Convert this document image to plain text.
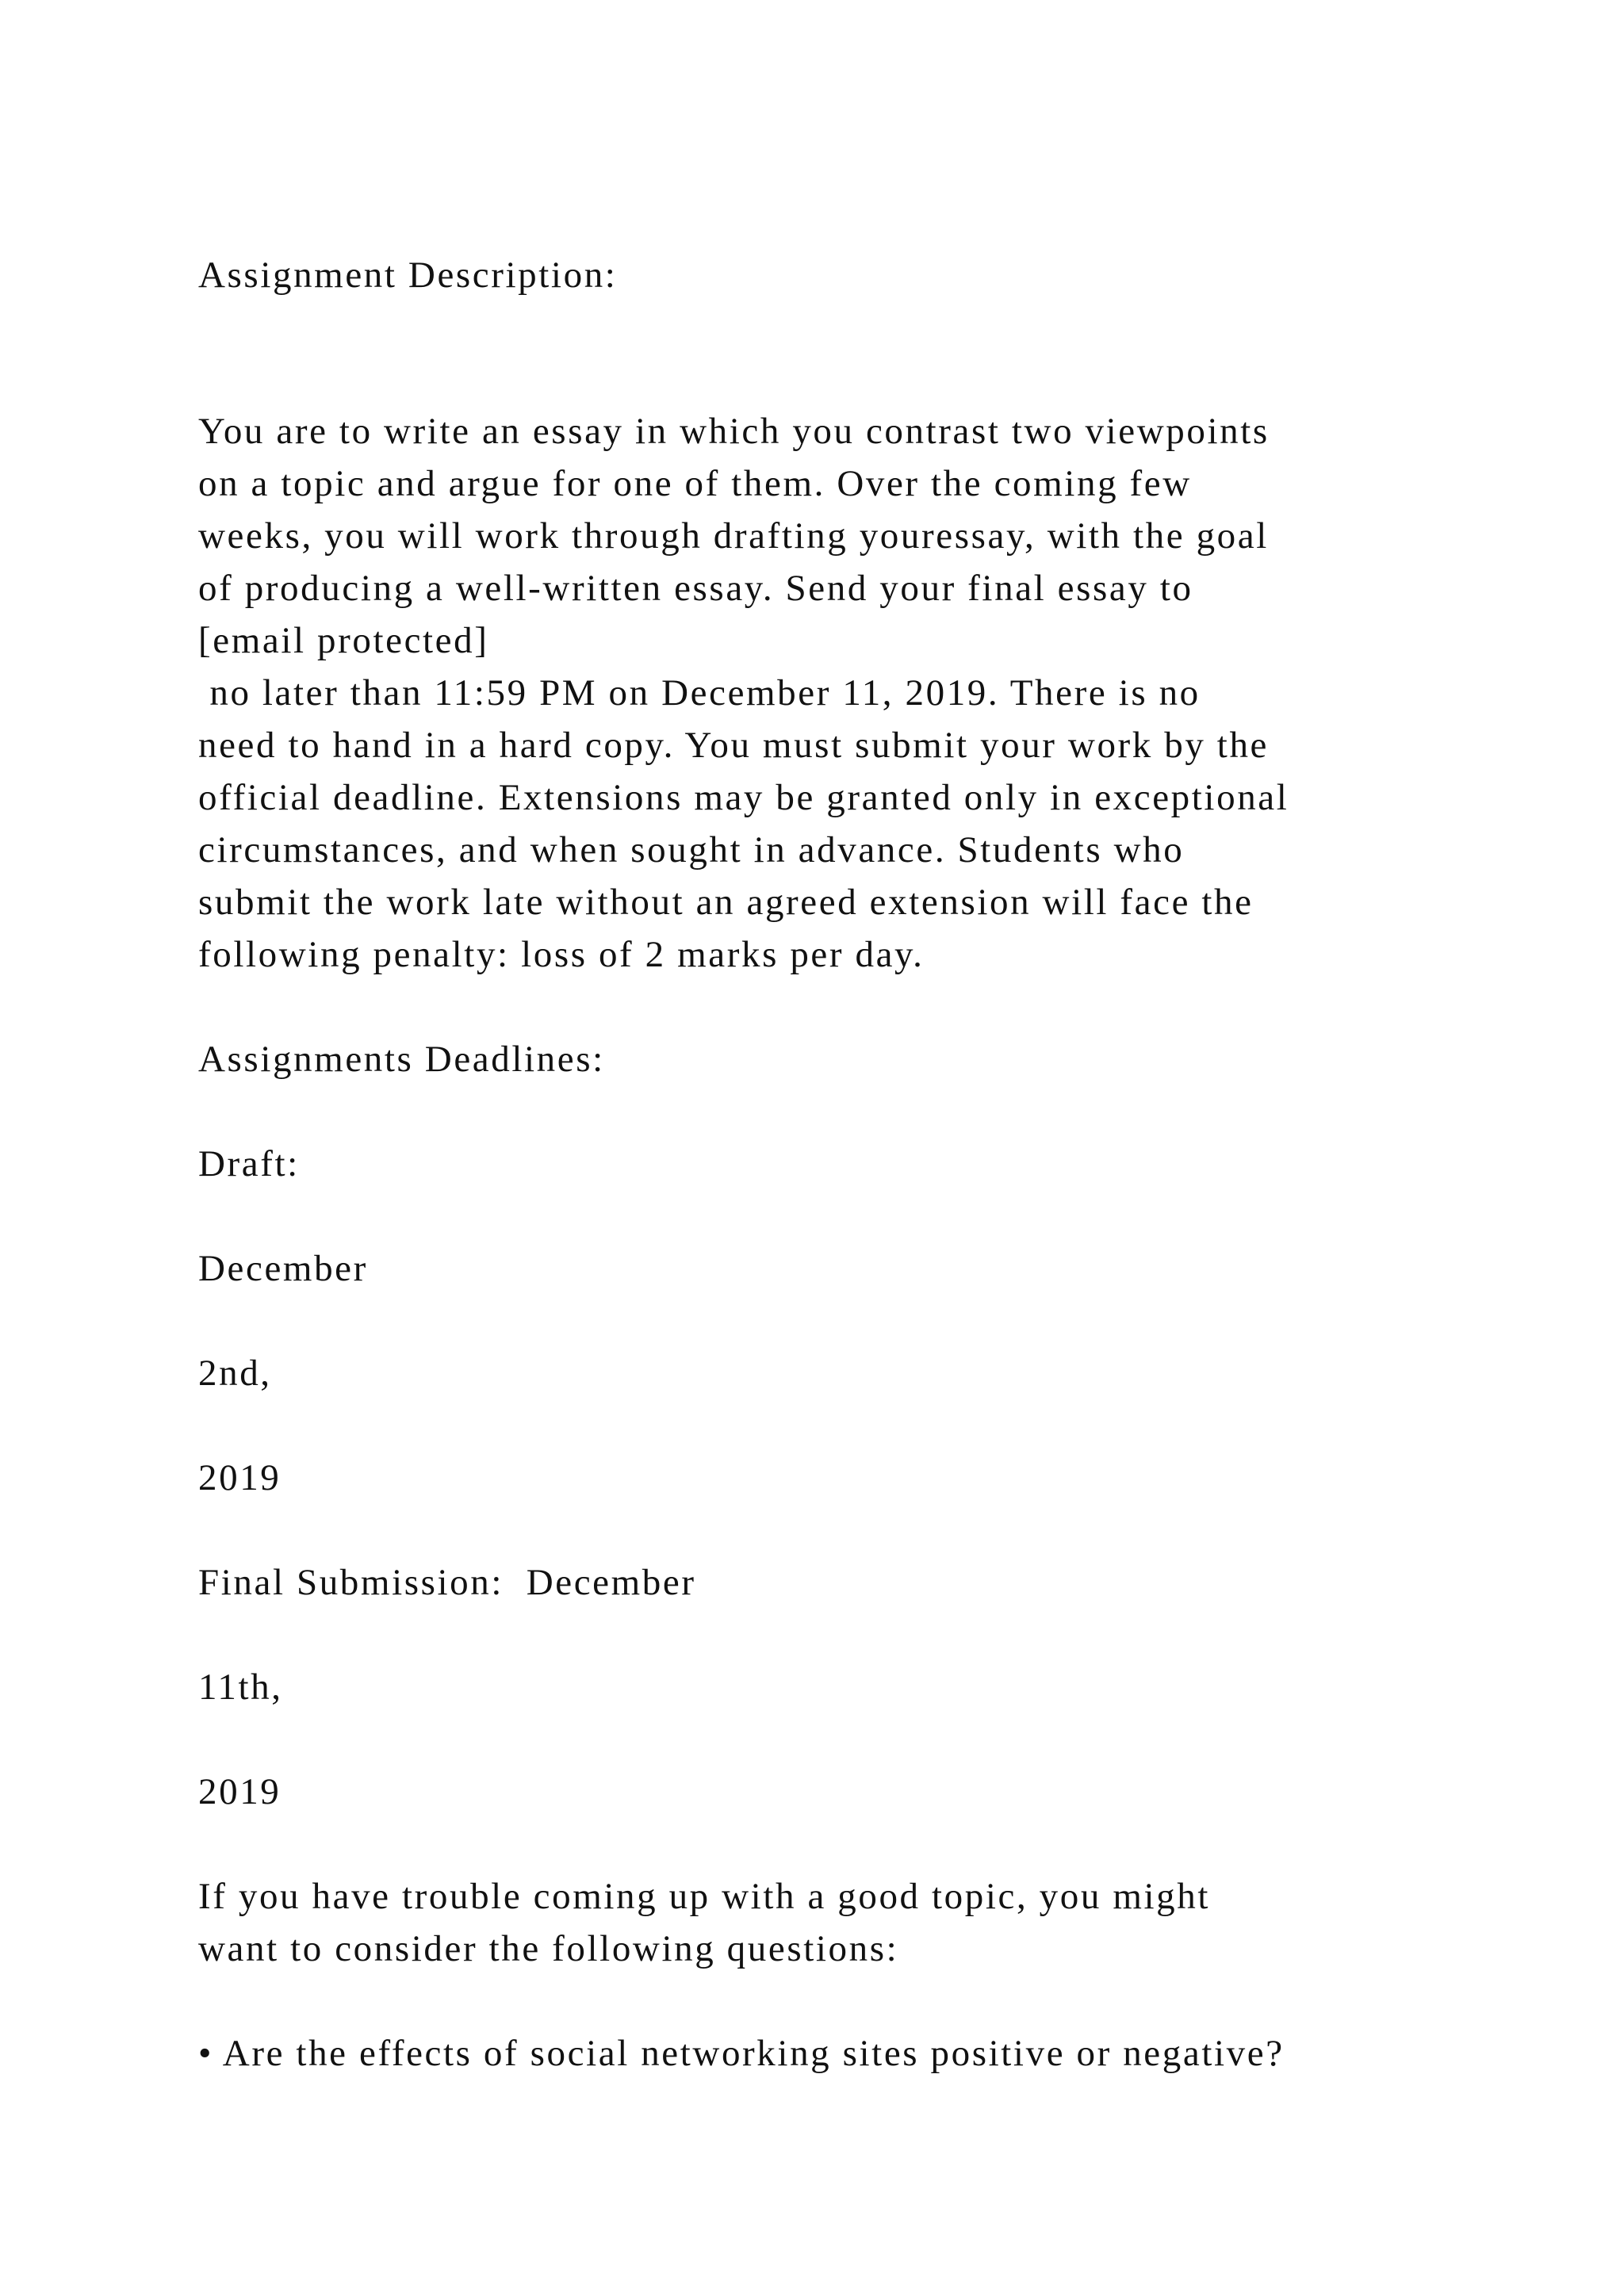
Assignment Description:

You are to write an essay in which you contrast two viewpoints

on a topic and argue for one of them. Over the coming few

weeks, you will work through drafting youressay, with the goal

of producing a well-written essay. Send your final essay to

[email protected]

no later than 11:59 PM on December 11, 2019. There is no

need to hand in a hard copy. You must submit your work by the

official deadline. Extensions may be granted only in exceptional

circumstances, and when sought in advance. Students who

submit the work late without an agreed extension will face the

following penalty: loss of 2 marks per day.

Assignments Deadlines:

Draft:

December

2nd,

2019

Final Submission:  December

11th,

2019

If you have trouble coming up with a good topic, you might

want to consider the following questions:

• Are the effects of social networking sites positive or negative?
